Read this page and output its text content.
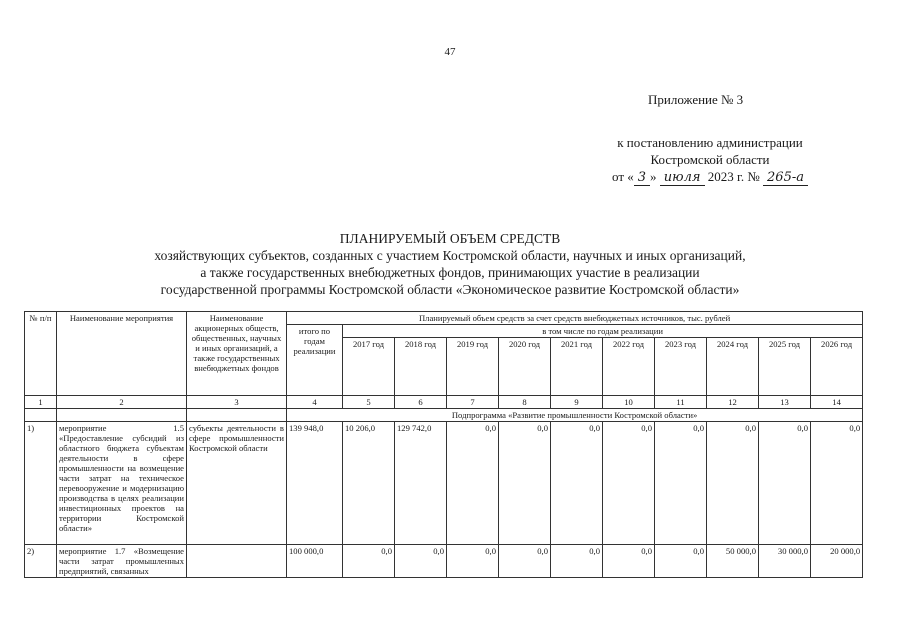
47
Приложение № 3
к постановлению администрации
Костромской области
от « 3 » июля 2023 г. № 265-а
ПЛАНИРУЕМЫЙ ОБЪЕМ СРЕДСТВ
хозяйствующих субъектов, созданных с участием Костромской области, научных и иных организаций,
а также государственных внебюджетных фондов, принимающих участие в реализации
государственной программы Костромской области «Экономическое развитие Костромской области»
№ п/п	Наименование мероприятия	Наименование акционерных обществ, общественных, научных и иных организаций, а также государственных внебюджетных фондов	Планируемый объем средств за счет средств внебюджетных источников, тыс. рублей										
			итого по годам реализации	в том числе по годам реализации									
				2017 год	2018 год	2019 год	2020 год	2021 год	2022 год	2023 год	2024 год	2025 год	2026 год
1	2	3	4	5	6	7	8	9	10	11	12	13	14
			Подпрограмма «Развитие промышленности Костромской области»										
1)	мероприятие 1.5 «Предоставление субсидий из областного бюджета субъектам деятельности в сфере промышленности на возмещение части затрат на техническое перевооружение и модернизацию производства в целях реализации инвестиционных проектов на территории Костромской области»	субъекты деятельности в сфере промышленности Костромской области	139 948,0	10 206,0	129 742,0	0,0	0,0	0,0	0,0	0,0	0,0	0,0	0,0
2)	мероприятие 1.7 «Возмещение части затрат промышленных предприятий, связанных		100 000,0	0,0	0,0	0,0	0,0	0,0	0,0	0,0	50 000,0	30 000,0	20 000,0
